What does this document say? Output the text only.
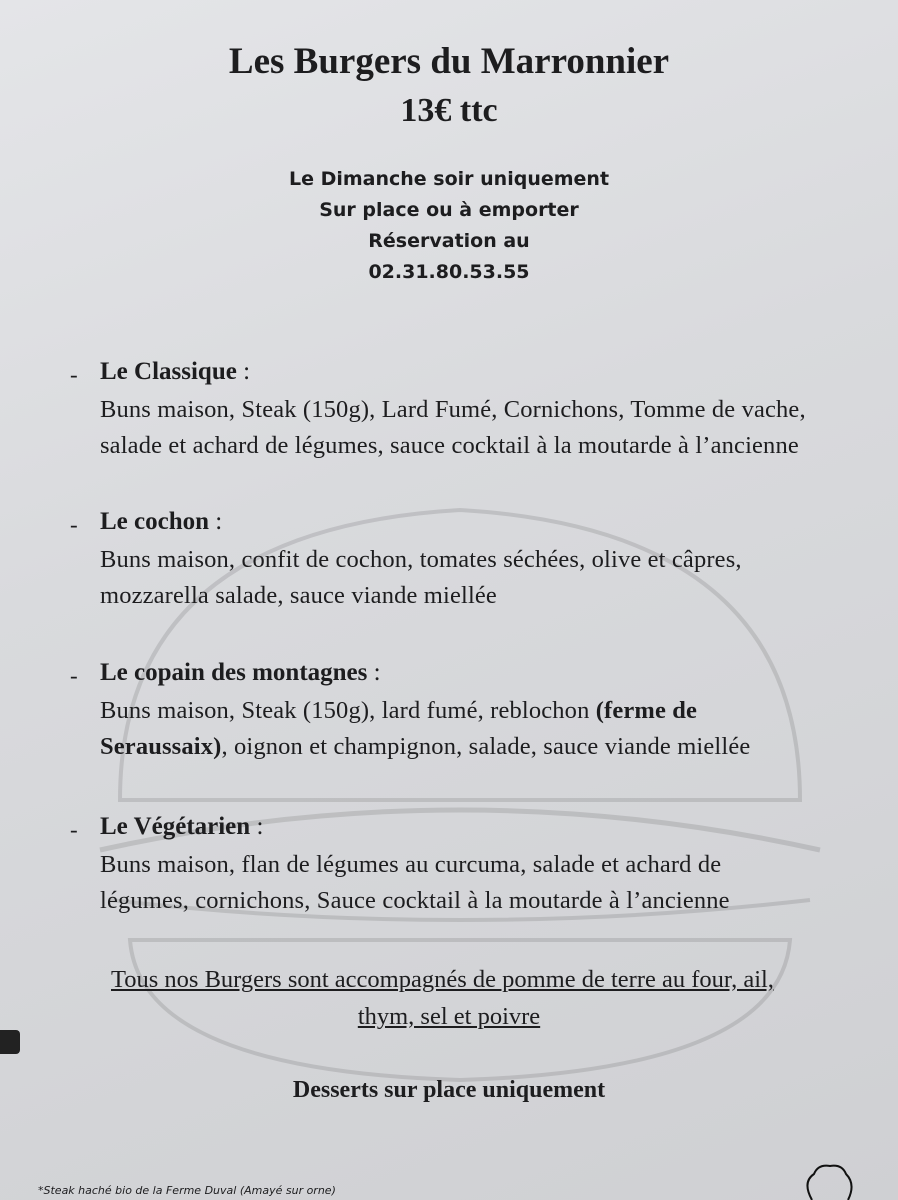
Les Burgers du Marronnier
13€ ttc
Le Dimanche soir uniquement
Sur place ou à emporter
Réservation au
02.31.80.53.55
- Le Classique :
Buns maison, Steak (150g), Lard Fumé, Cornichons, Tomme de vache,
salade et achard de légumes, sauce cocktail à la moutarde à l’ancienne
- Le cochon :
Buns maison, confit de cochon, tomates séchées, olive et câpres,
mozzarella salade, sauce viande miellée
- Le copain des montagnes :
Buns maison, Steak (150g), lard fumé, reblochon (ferme de
Seraussaix), oignon et champignon, salade, sauce viande miellée
- Le Végétarien :
Buns maison, flan de légumes au curcuma, salade et achard de
légumes, cornichons, Sauce cocktail à la moutarde à l’ancienne
Tous nos Burgers sont accompagnés de pomme de terre au four, ail,
thym, sel et poivre
Desserts sur place uniquement
*Steak haché bio de la Ferme Duval (Amayé sur orne)
